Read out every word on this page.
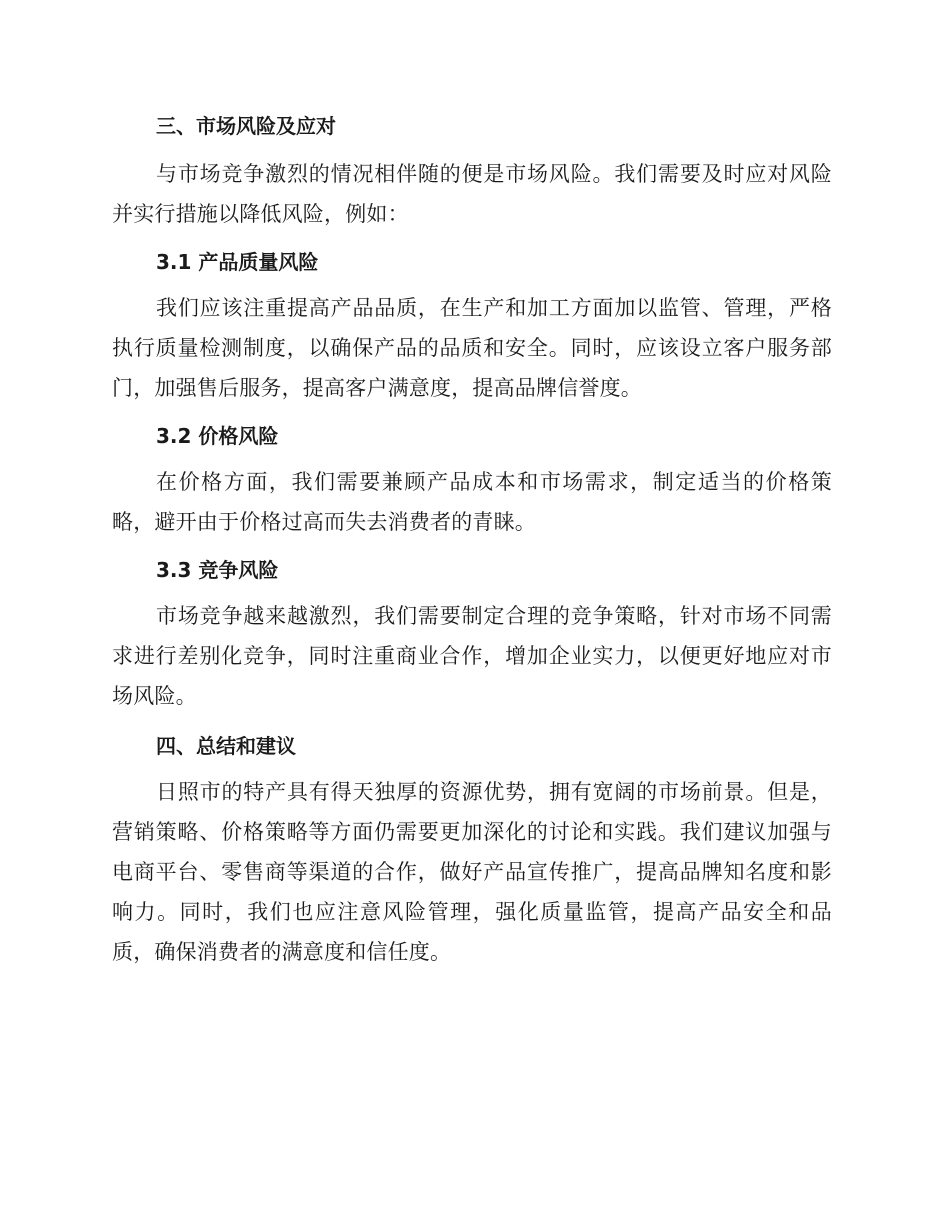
三、市场风险及应对

与市场竞争激烈的情况相伴随的便是市场风险。我们需要及时应对风险并实行措施以降低风险，例如：

3.1 产品质量风险

我们应该注重提高产品品质，在生产和加工方面加以监管、管理，严格执行质量检测制度，以确保产品的品质和安全。同时，应该设立客户服务部门，加强售后服务，提高客户满意度，提高品牌信誉度。

3.2 价格风险

在价格方面，我们需要兼顾产品成本和市场需求，制定适当的价格策略，避开由于价格过高而失去消费者的青睐。

3.3 竞争风险

市场竞争越来越激烈，我们需要制定合理的竞争策略，针对市场不同需求进行差别化竞争，同时注重商业合作，增加企业实力，以便更好地应对市场风险。

四、总结和建议

日照市的特产具有得天独厚的资源优势，拥有宽阔的市场前景。但是，营销策略、价格策略等方面仍需要更加深化的讨论和实践。我们建议加强与电商平台、零售商等渠道的合作，做好产品宣传推广，提高品牌知名度和影响力。同时，我们也应注意风险管理，强化质量监管，提高产品安全和品质，确保消费者的满意度和信任度。
